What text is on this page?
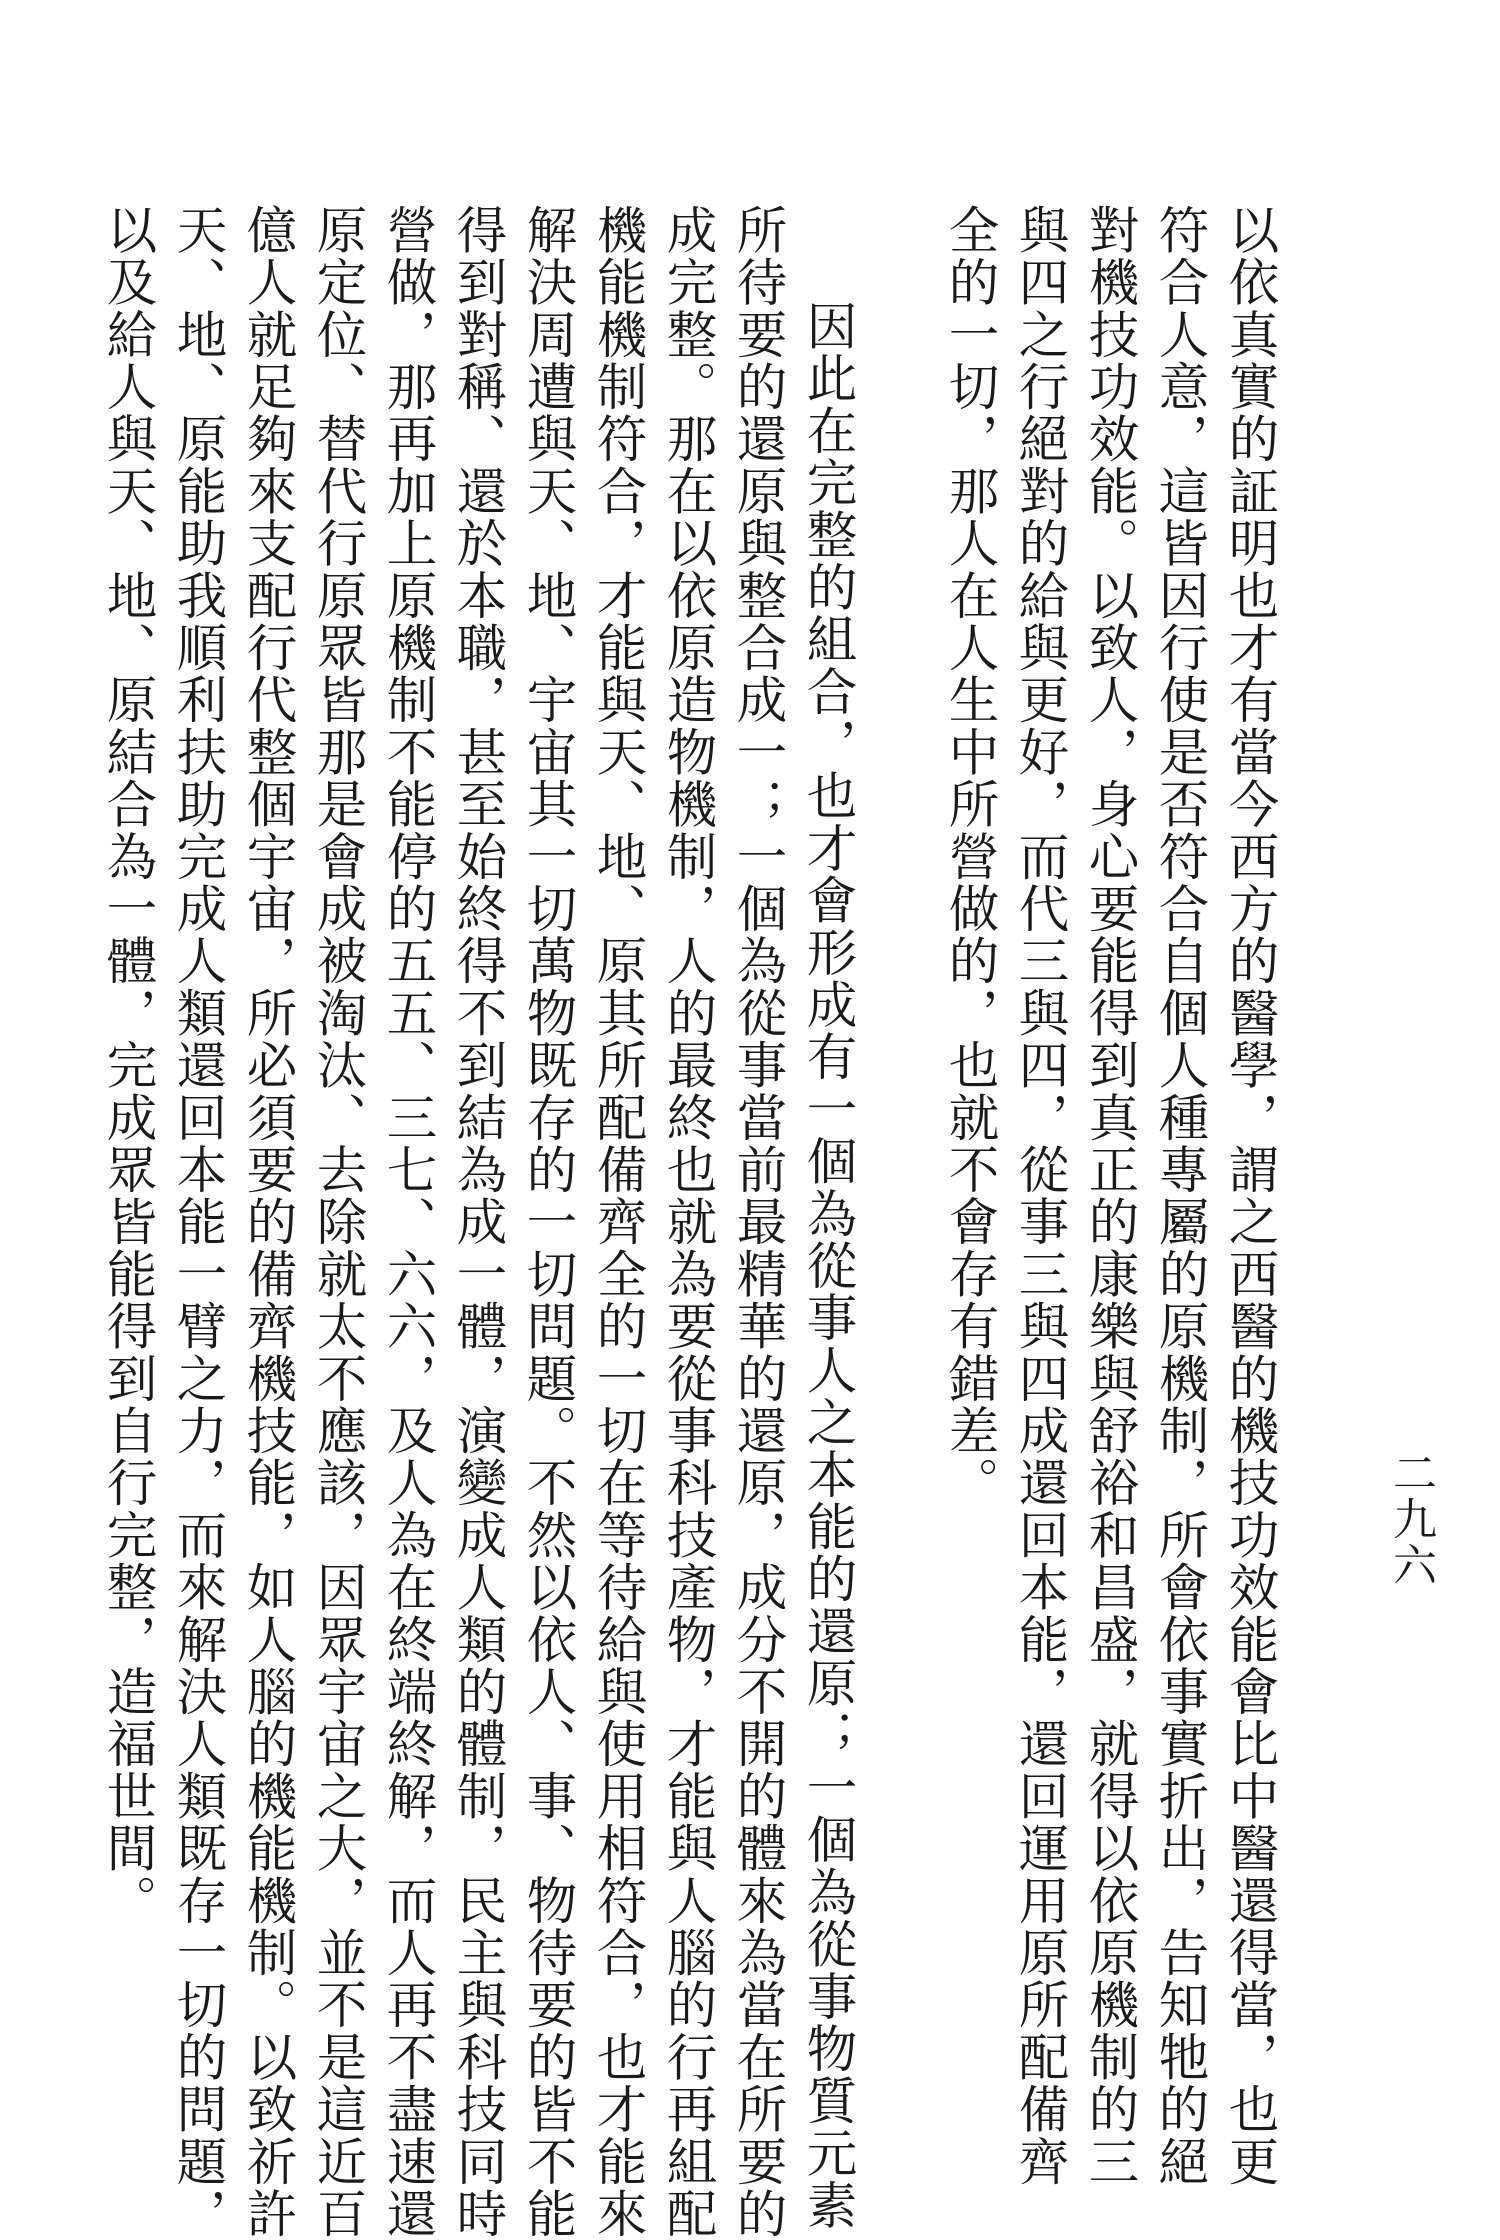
二九六
以依真實的証明也才有當今西方的醫學，謂之西醫的機技功效能會比中醫還得當，也更
符合人意，這皆因行使是否符合自個人種專屬的原機制，所會依事實折出，告知牠的絕
對機技功效能。以致人，身心要能得到真正的康樂與舒裕和昌盛，就得以依原機制的三
與四之行絕對的給與更好，而代三與四，從事三與四成還回本能，還回運用原所配備齊
全的一切，那人在人生中所營做的，也就不會存有錯差。
因此在完整的組合，也才會形成有一個為從事人之本能的還原；一個為從事物質元素
所待要的還原與整合成一；一個為從事當前最精華的還原，成分不開的體來為當在所要的
成完整。那在以依原造物機制，人的最終也就為要從事科技產物，才能與人腦的行再組配
機能機制符合，才能與天、地、原其所配備齊全的一切在等待給與使用相符合，也才能來
解決周遭與天、地、宇宙其一切萬物既存的一切問題。不然以依人、事、物待要的皆不能
得到對稱、還於本職，甚至始終得不到結為成一體，演變成人類的體制，民主與科技同時
營做，那再加上原機制不能停的五五、三七、六六，及人為在終端終解，而人再不盡速還
原定位、替代行原眾皆那是會成被淘汰、去除就太不應該，因眾宇宙之大，並不是這近百
億人就足夠來支配行代整個宇宙，所必須要的備齊機技能，如人腦的機能機制。以致祈許
天、地、原能助我順利扶助完成人類還回本能一臂之力，而來解決人類既存一切的問題，
以及給人與天、地、原結合為一體，完成眾皆能得到自行完整，造福世間。
